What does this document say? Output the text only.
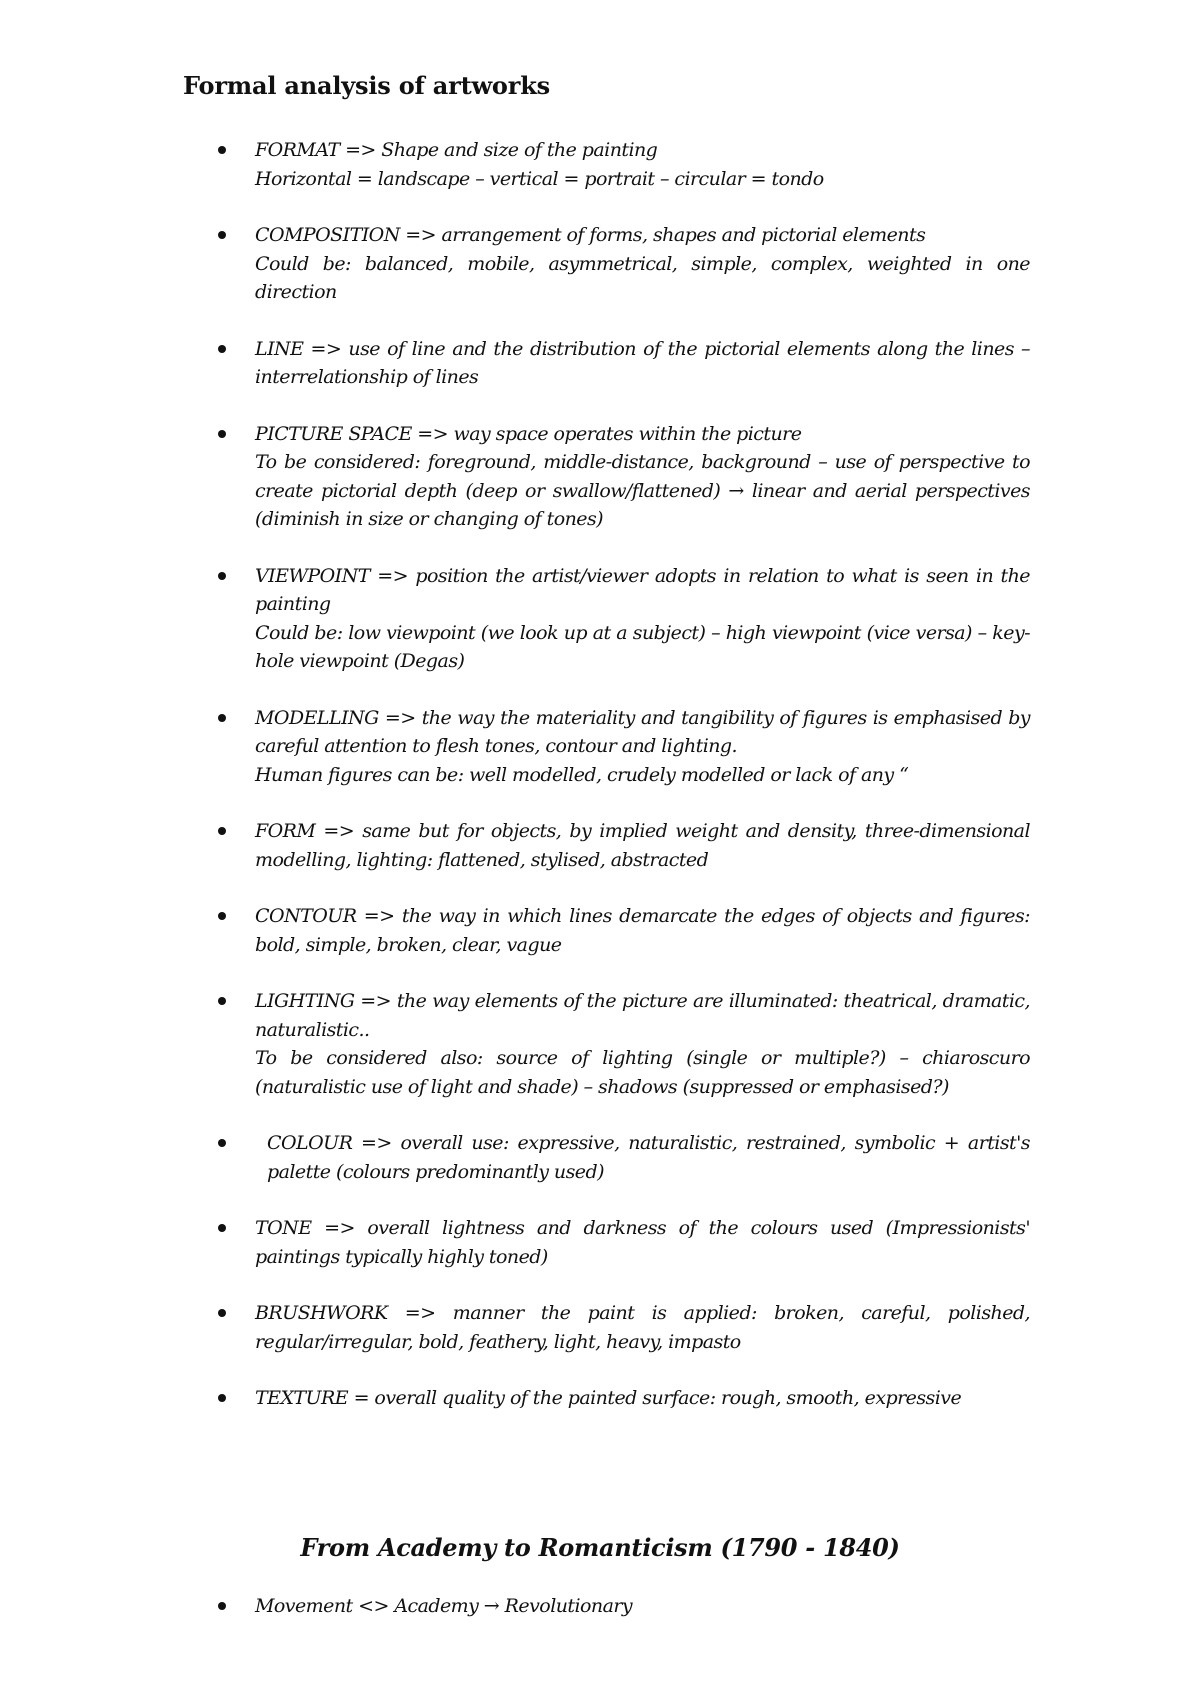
Formal analysis of artworks
FORMAT => Shape and size of the painting
Horizontal = landscape – vertical = portrait – circular = tondo
COMPOSITION => arrangement of forms, shapes and pictorial elements
Could be: balanced, mobile, asymmetrical, simple, complex, weighted in one direction
LINE => use of line and the distribution of the pictorial elements along the lines – interrelationship of lines
PICTURE SPACE => way space operates within the picture
To be considered: foreground, middle-distance, background – use of perspective to create pictorial depth (deep or swallow/flattened) → linear and aerial perspectives (diminish in size or changing of tones)
VIEWPOINT => position the artist/viewer adopts in relation to what is seen in the painting
Could be: low viewpoint (we look up at a subject) – high viewpoint (vice versa) – key-hole viewpoint (Degas)
MODELLING => the way the materiality and tangibility of figures is emphasised by careful attention to flesh tones, contour and lighting.
Human figures can be: well modelled, crudely modelled or lack of any “
FORM => same but for objects, by implied weight and density, three-dimensional modelling, lighting: flattened, stylised, abstracted
CONTOUR => the way in which lines demarcate the edges of objects and figures: bold, simple, broken, clear, vague
LIGHTING => the way elements of the picture are illuminated: theatrical, dramatic, naturalistic..
To be considered also: source of lighting (single or multiple?) – chiaroscuro (naturalistic use of light and shade) – shadows (suppressed or emphasised?)
COLOUR => overall use: expressive, naturalistic, restrained, symbolic + artist's palette (colours predominantly used)
TONE => overall lightness and darkness of the colours used (Impressionists' paintings typically highly toned)
BRUSHWORK => manner the paint is applied: broken, careful, polished, regular/irregular, bold, feathery, light, heavy, impasto
TEXTURE = overall quality of the painted surface: rough, smooth, expressive
From Academy to Romanticism (1790 - 1840)
Movement <> Academy → Revolutionary
